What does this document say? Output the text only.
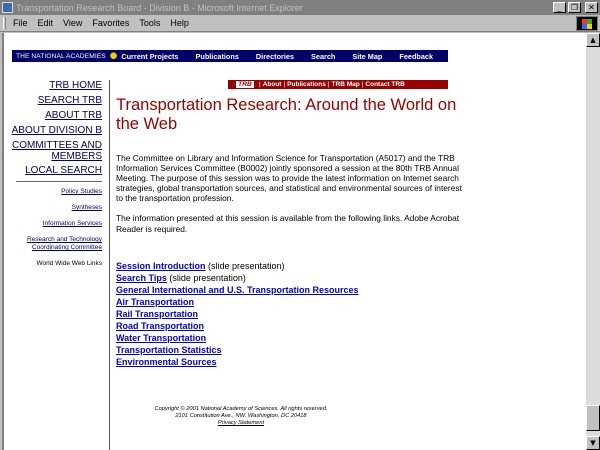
Transportation Research Board - Division B - Microsoft Internet Explorer	_	❐	✕
File	Edit	View	Favorites	Tools	Help
THE NATIONAL ACADEMIES ✺ Current Projects Publications Directories Search Site Map Feedback
TRB	| About | Publications | TRB Map | Contact TRB
TRB HOME
SEARCH TRB
ABOUT TRB
ABOUT DIVISION B
COMMITTEES AND MEMBERS
LOCAL SEARCH
Policy Studies
Syntheses
Information Services
Research and Technology Coordinating Committee
World Wide Web Links
Transportation Research: Around the World on the Web

The Committee on Library and Information Science for Transportation (A5017) and the TRB Information Services Committee (B0002) jointly sponsored a session at the 80th TRB Annual Meeting. The purpose of this session was to provide the latest information on Internet search strategies, global transportation sources, and statistical and environmental sources of interest to the transportation profession.

The information presented at this session is available from the following links. Adobe Acrobat Reader is required.

Session Introduction (slide presentation)
Search Tips (slide presentation)
General International and U.S. Transportation Resources
Air Transportation
Rail Transportation
Road Transportation
Water Transportation
Transportation Statistics
Environmental Sources
Copyright © 2001 National Academy of Sciences. All rights reserved.
2101 Constitution Ave., NW. Washington, DC 20418
Privacy Statement
▲
▼
